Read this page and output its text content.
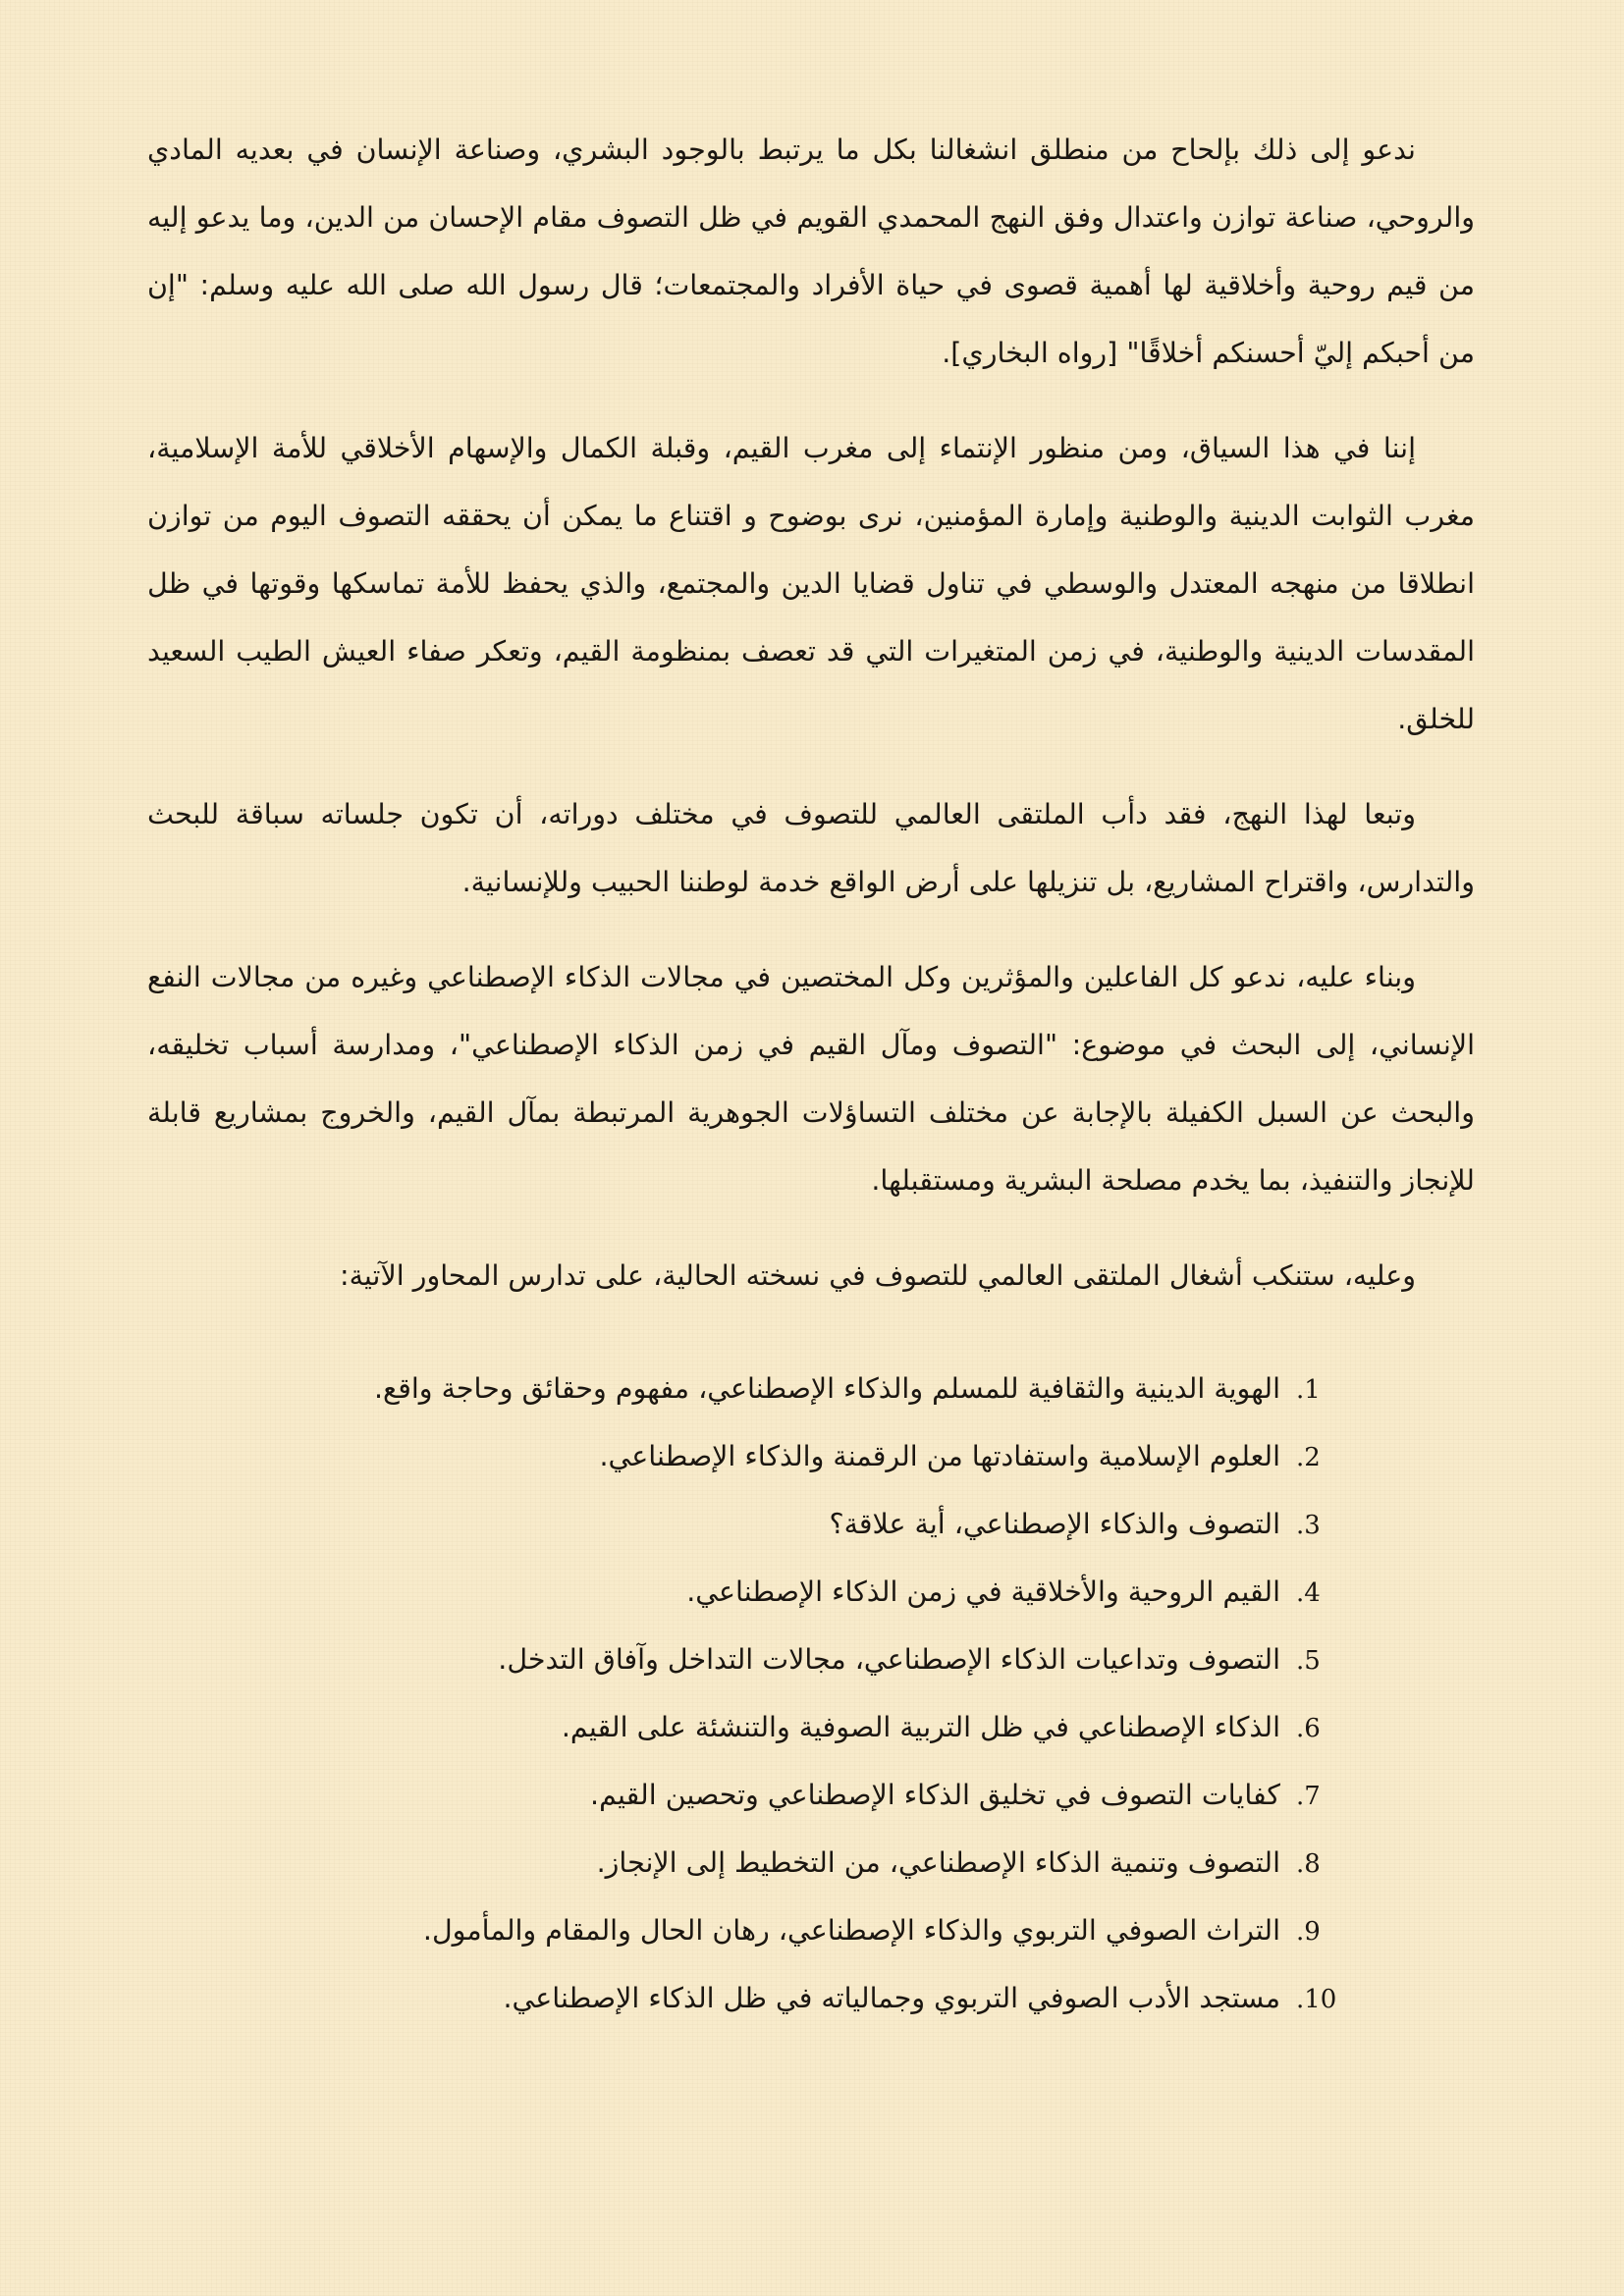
ندعو إلى ذلك بإلحاح من منطلق انشغالنا بكل ما يرتبط بالوجود البشري، وصناعة الإنسان في بعديه المادي والروحي، صناعة توازن واعتدال وفق النهج المحمدي القويم في ظل التصوف مقام الإحسان من الدين، وما يدعو إليه من قيم روحية وأخلاقية لها أهمية قصوى في حياة الأفراد والمجتمعات؛ قال رسول الله صلى الله عليه وسلم: "إن من أحبكم إليّ أحسنكم أخلاقًا" [رواه البخاري].

إننا في هذا السياق، ومن منظور الإنتماء إلى مغرب القيم، وقبلة الكمال والإسهام الأخلاقي للأمة الإسلامية، مغرب الثوابت الدينية والوطنية وإمارة المؤمنين، نرى بوضوح و اقتناع ما يمكن أن يحققه التصوف اليوم من توازن انطلاقا من منهجه المعتدل والوسطي في تناول قضايا الدين والمجتمع، والذي يحفظ للأمة تماسكها وقوتها في ظل المقدسات الدينية والوطنية، في زمن المتغيرات التي قد تعصف بمنظومة القيم، وتعكر صفاء العيش الطيب السعيد للخلق.

وتبعا لهذا النهج، فقد دأب الملتقى العالمي للتصوف في مختلف دوراته، أن تكون جلساته سباقة للبحث والتدارس، واقتراح المشاريع، بل تنزيلها على أرض الواقع خدمة لوطننا الحبيب وللإنسانية.

وبناء عليه، ندعو كل الفاعلين والمؤثرين وكل المختصين في مجالات الذكاء الإصطناعي وغيره من مجالات النفع الإنساني، إلى البحث في موضوع: "التصوف ومآل القيم في زمن الذكاء الإصطناعي"، ومدارسة أسباب تخليقه، والبحث عن السبل الكفيلة بالإجابة عن مختلف التساؤلات الجوهرية المرتبطة بمآل القيم، والخروج بمشاريع قابلة للإنجاز والتنفيذ، بما يخدم مصلحة البشرية ومستقبلها.

وعليه، ستنكب أشغال الملتقى العالمي للتصوف في نسخته الحالية، على تدارس المحاور الآتية:

.1
الهوية الدينية والثقافية للمسلم والذكاء الإصطناعي، مفهوم وحقائق وحاجة واقع.
.2
العلوم الإسلامية واستفادتها من الرقمنة والذكاء الإصطناعي.
.3
التصوف والذكاء الإصطناعي، أية علاقة؟
.4
القيم الروحية والأخلاقية في زمن الذكاء الإصطناعي.
.5
التصوف وتداعيات الذكاء الإصطناعي، مجالات التداخل وآفاق التدخل.
.6
الذكاء الإصطناعي في ظل التربية الصوفية والتنشئة على القيم.
.7
كفايات التصوف في تخليق الذكاء الإصطناعي وتحصين القيم.
.8
التصوف وتنمية الذكاء الإصطناعي، من التخطيط إلى الإنجاز.
.9
التراث الصوفي التربوي والذكاء الإصطناعي، رهان الحال والمقام والمأمول.
.10
مستجد الأدب الصوفي التربوي وجمالياته في ظل الذكاء الإصطناعي.
